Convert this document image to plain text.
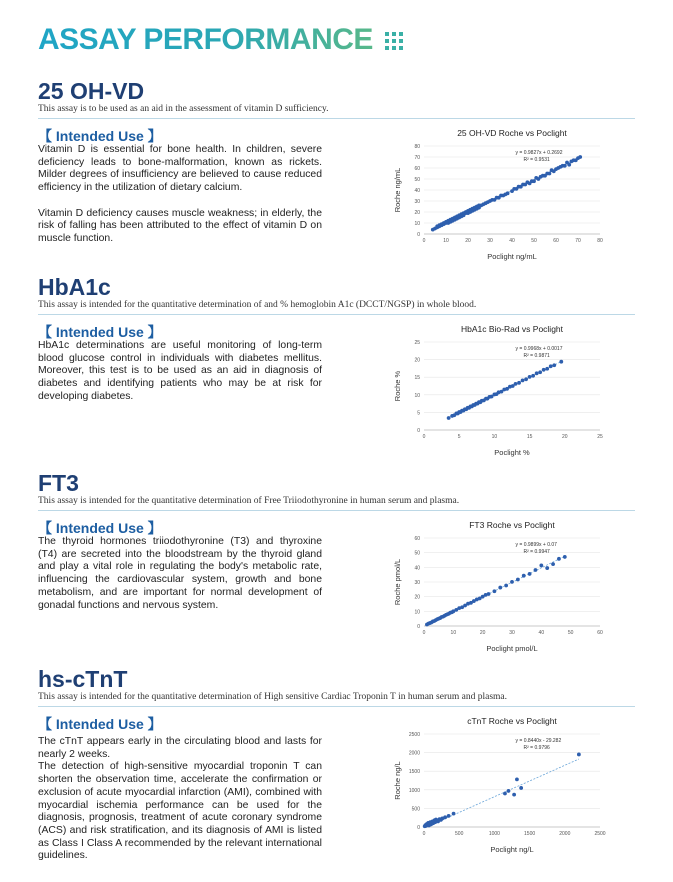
ASSAY PERFORMANCE
25 OH-VD
This assay is to be used as an aid in the assessment of vitamin D sufficiency.
【 Intended Use 】

Vitamin D is essential for bone health. In children, severe deficiency leads to bone-malformation, known as rickets. Milder degrees of insufficiency are believed to cause reduced efficiency in the utilization of dietary calcium.

Vitamin D deficiency causes muscle weakness; in elderly, the risk of falling has been attributed to the effect of vitamin D on muscle function.

25 OH-VD Roche vs Poclight
0
10
20
30
40
50
60
70
80
0	10	20	30	40	50	60	70	80
Poclight ng/mL
Roche ng/mL
y = 0.9827x + 0.2692
R² = 0.9531
HbA1c
This assay is intended for the quantitative determination of and % hemoglobin A1c (DCCT/NGSP) in whole blood.
【 Intended Use 】

HbA1c determinations are useful monitoring of long-term blood glucose control in individuals with diabetes mellitus. Moreover, this test is to be used as an aid in diagnosis of diabetes and identifying patients who may be at risk for developing diabetes.

HbA1c Bio-Rad vs Poclight
0
5
10
15
20
25
0	5	10	15	20	25
Poclight %
Roche %
y = 0.9968x + 0.0017
R² = 0.9871
FT3
This assay is intended for the quantitative determination of Free Triiodothyronine in human serum and plasma.
【 Intended Use 】

The thyroid hormones triiodothyronine (T3) and thyroxine (T4) are secreted into the bloodstream by the thyroid gland and play a vital role in regulating the body's metabolic rate, influencing the cardiovascular system, growth and bone metabolism, and are important for normal development of gonadal functions and nervous system.

FT3 Roche vs Poclight
0
10
20
30
40
50
60
0	10	20	30	40	50	60
Poclight pmol/L
Roche pmol/L
y = 0.9899x + 0.07
R² = 0.9947
hs-cTnT
This assay is intended for the quantitative determination of High sensitive Cardiac Troponin T in human serum and plasma.
【 Intended Use 】

The cTnT appears early in the circulating blood and lasts for nearly 2 weeks.

The detection of high-sensitive myocardial troponin T can shorten the observation time, accelerate the confirmation or exclusion of acute myocardial infarction (AMI), combined with myocardial ischemia performance can be used for the diagnosis, prognosis, treatment of acute coronary syndrome (ACS) and risk stratification, and its diagnosis of AMI is listed as Class I Class A recommended by the relevant international guidelines.

cTnT Roche vs Poclight
0
500
1000
1500
2000
2500
0	500	1000	1500	2000	2500
Poclight ng/L
Roche ng/L
y = 0.8440x - 29.282
R² = 0.9796
